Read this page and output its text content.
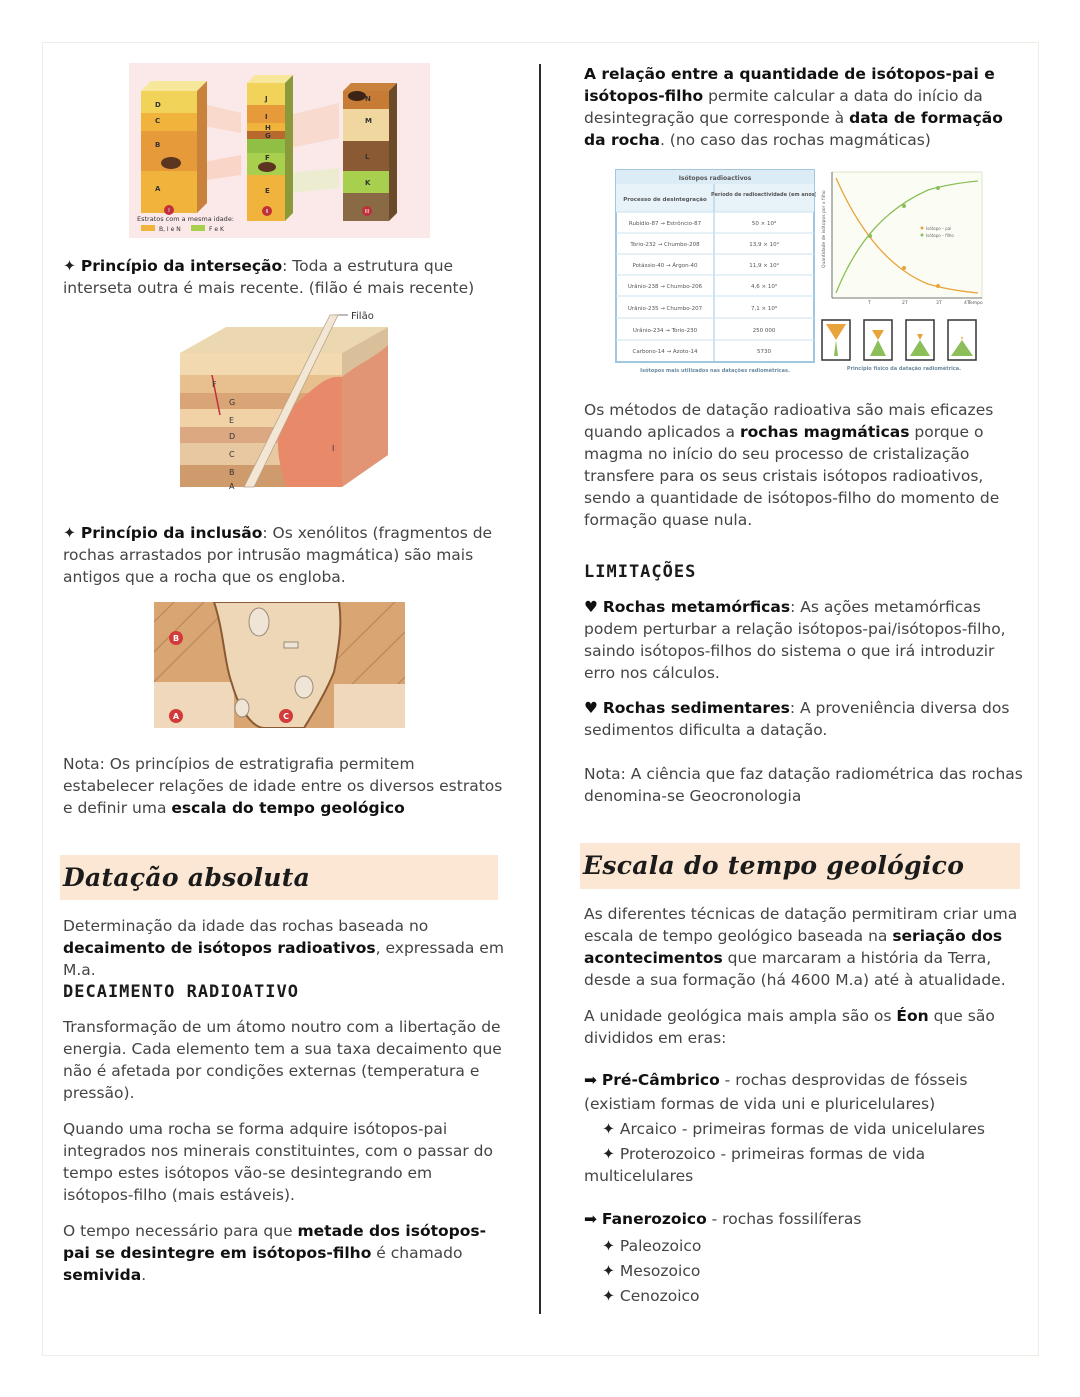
D
C
B
A
J
I
H
G
F
E
N
M
L
K
I	II	III
Estratos com a mesma idade:
B, I e N	F e K
✦ Princípio da interseção: Toda a estrutura que interseta outra é mais recente. (filão é mais recente)
Filão
F
G
E
D
C
B
A
I
✦ Princípio da inclusão: Os xenólitos (fragmentos de rochas arrastados por intrusão magmática) são mais antigos que a rocha que os engloba.
B
A	C
Nota: Os princípios de estratigrafia permitem estabelecer relações de idade entre os diversos estratos e definir uma escala do tempo geológico
Datação absoluta
Determinação da idade das rochas baseada no decaimento de isótopos radioativos, expressada em M.a.
DECAIMENTO RADIOATIVO
Transformação de um átomo noutro com a libertação de energia. Cada elemento tem a sua taxa decaimento que não é afetada por condições externas (temperatura e pressão).
Quando uma rocha se forma adquire isótopos-pai integrados nos minerais constituintes, com o passar do tempo estes isótopos vão-se desintegrando em isótopos-filho (mais estáveis).
O tempo necessário para que metade dos isótopos-pai se desintegre em isótopos-filho é chamado semivida.
A relação entre a quantidade de isótopos-pai e isótopos-filho permite calcular a data do início da desintegração que corresponde à data de formação da rocha. (no caso das rochas magmáticas)
Isótopos radioactivos
Processo de desintegração
Período de radioactividade (em anos)
Rubídio-87 → Estrôncio-87	50 × 10⁹
Tório-232 → Chumbo-208	13,9 × 10⁹
Potássio-40 → Árgon-40	11,9 × 10⁹
Urânio-238 → Chumbo-206	4,6 × 10⁹
Urânio-235 → Chumbo-207	7,1 × 10⁸
Urânio-234 → Tório-230	250 000
Carbono-14 → Azoto-14	5730
Isótopos mais utilizados nas datações radiométricas.
Quantidade de isótopos por x filho
T	2T	3T	4T
Tempo
Isótopo – pai
Isótopo – filho
Princípio físico da datação radiométrica.
Os métodos de datação radioativa são mais eficazes quando aplicados a rochas magmáticas porque o magma no início do seu processo de cristalização transfere para os seus cristais isótopos radioativos, sendo a quantidade de isótopos-filho do momento de formação quase nula.
LIMITAÇÕES
♥ Rochas metamórficas: As ações metamórficas podem perturbar a relação isótopos-pai/isótopos-filho, saindo isótopos-filhos do sistema o que irá introduzir erro nos cálculos.
♥ Rochas sedimentares: A proveniência diversa dos sedimentos dificulta a datação.
Nota: A ciência que faz datação radiométrica das rochas denomina-se Geocronologia
Escala do tempo geológico
As diferentes técnicas de datação permitiram criar uma escala de tempo geológico baseada na seriação dos acontecimentos que marcaram a história da Terra, desde a sua formação (há 4600 M.a) até à atualidade.
A unidade geológica mais ampla são os Éon que são divididos em eras:
➡ Pré-Câmbrico - rochas desprovidas de fósseis (existiam formas de vida uni e pluricelulares)
✦ Arcaico - primeiras formas de vida unicelulares
✦ Proterozoico - primeiras formas de vida multicelulares
➡ Fanerozoico - rochas fossilíferas
✦ Paleozoico
✦ Mesozoico
✦ Cenozoico
